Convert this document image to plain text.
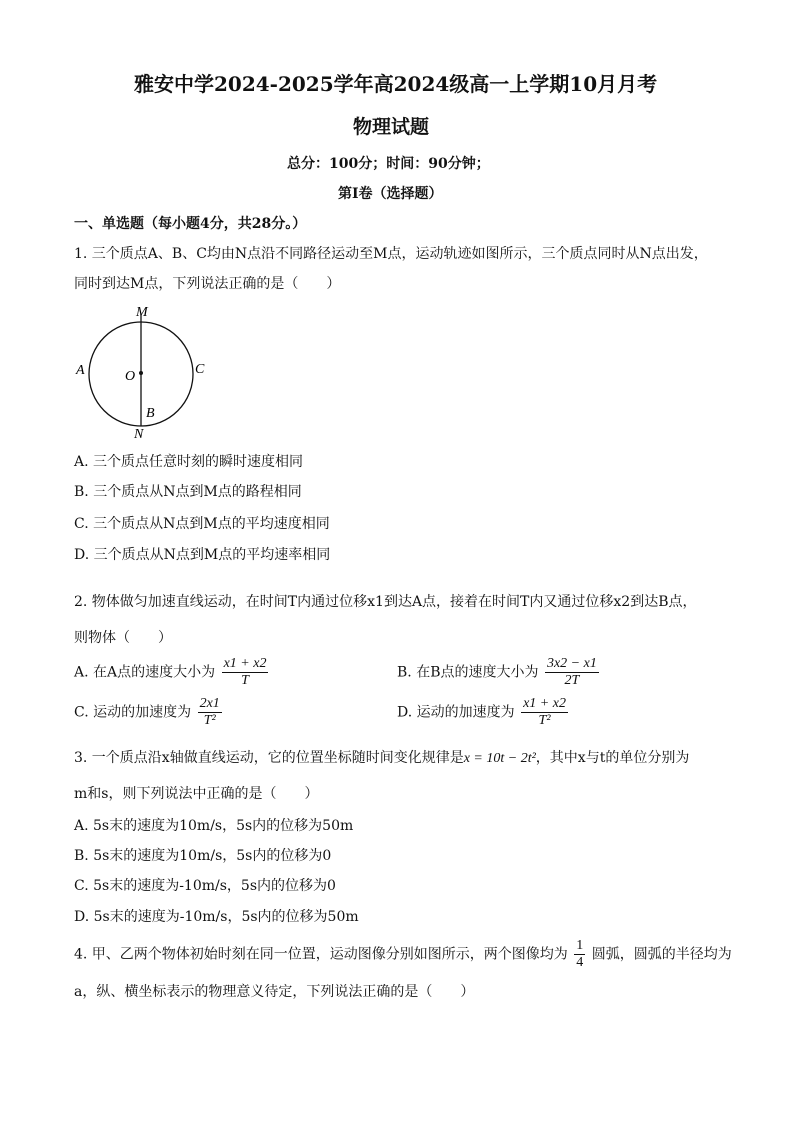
雅安中学2024-2025学年高2024级高一上学期10月月考
物理试题
总分：100分；时间：90分钟；
第I卷（选择题）
一、单选题（每小题4分，共28分。）
1. 三个质点A、B、C均由N点沿不同路径运动至M点，运动轨迹如图所示，三个质点同时从N点出发，
同时到达M点，下列说法正确的是（　　）
M
A	O	C
B
N
A. 三个质点任意时刻的瞬时速度相同
B. 三个质点从N点到M点的路程相同
C. 三个质点从N点到M点的平均速度相同
D. 三个质点从N点到M点的平均速率相同
2. 物体做匀加速直线运动，在时间T内通过位移x1到达A点，接着在时间T内又通过位移x2到达B点，
则物体（　　）
A. 在A点的速度大小为 $\frac{x1 + x2}{T}$	B. 在B点的速度大小为 $\frac{3x2 - x1}{2T}$
C. 运动的加速度为 $\frac{2x1}{\text{T²}}$	D. 运动的加速度为 $\frac{x1 + x2}{\text{T²}}$
3. 一个质点沿x轴做直线运动，它的位置坐标随时间变化规律是x = 10t − 2t²，其中x与t的单位分别为
m和s，则下列说法中正确的是（　　）
A. 5s末的速度为10m/s，5s内的位移为50m
B. 5s末的速度为10m/s，5s内的位移为0
C. 5s末的速度为-10m/s，5s内的位移为0
D. 5s末的速度为-10m/s，5s内的位移为50m
4. 甲、乙两个物体初始时刻在同一位置，运动图像分别如图所示，两个图像均为 $\frac{1}{4}$ 圆弧，圆弧的半径均为
a，纵、横坐标表示的物理意义待定，下列说法正确的是（　　）
